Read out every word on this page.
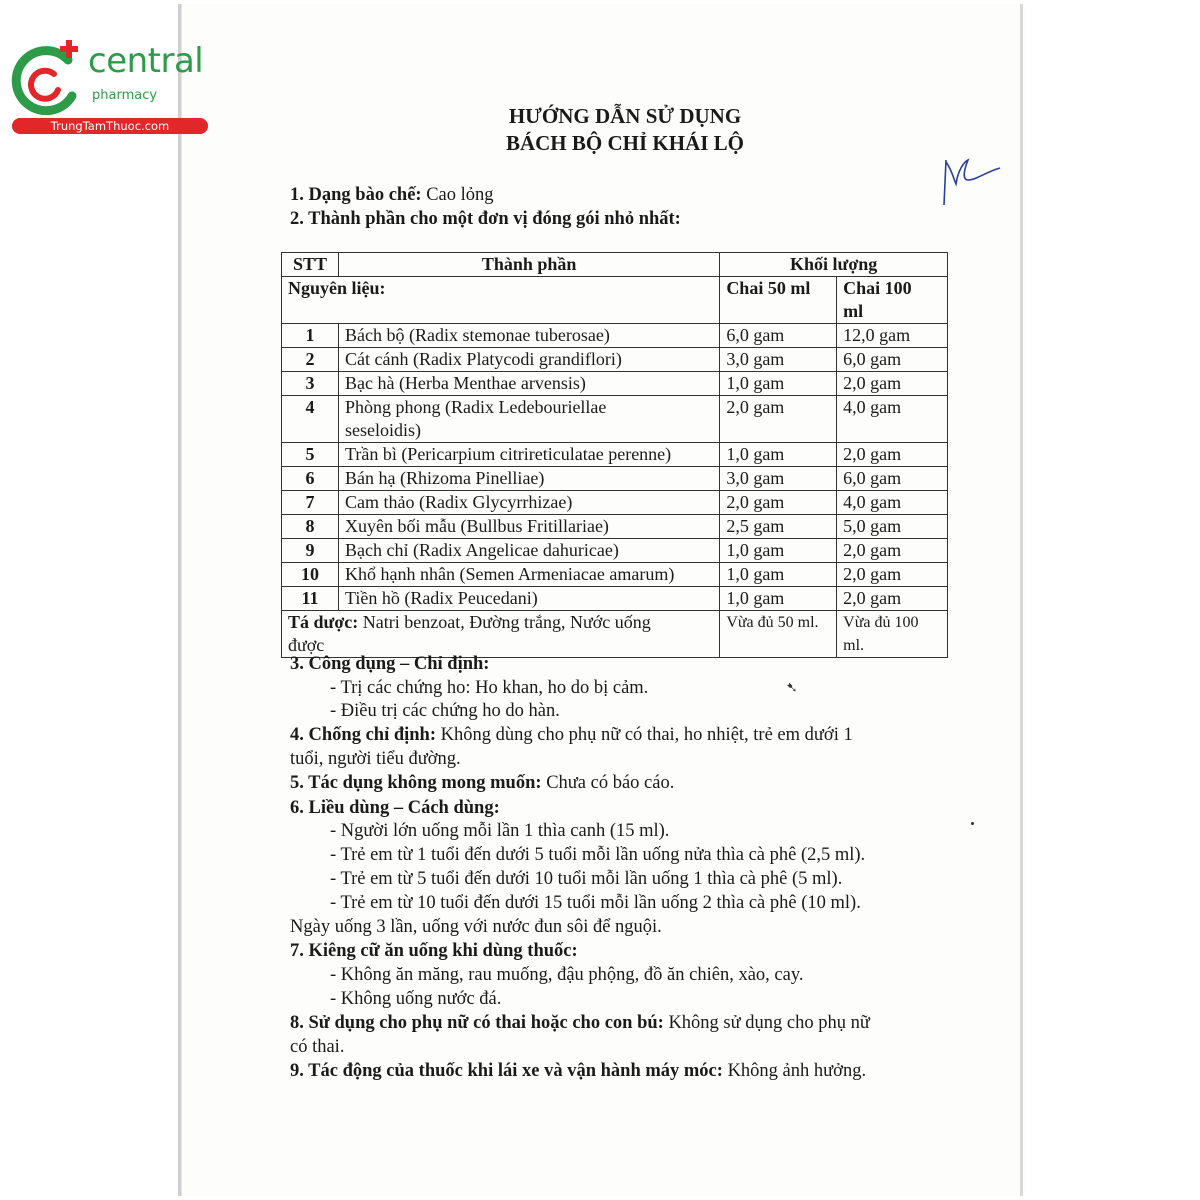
central
pharmacy
TrungTamThuoc.com	HƯỚNG DẪN SỬ DỤNG
BÁCH BỘ CHỈ KHÁI LỘ
1. Dạng bào chế: Cao lỏng
2. Thành phần cho một đơn vị đóng gói nhỏ nhất:
STT	Thành phần	Khối lượng	
Nguyên liệu:		Chai 50 ml	Chai 100
ml
1	Bách bộ (Radix stemonae tuberosae)	6,0 gam	12,0 gam
2	Cát cánh (Radix Platycodi grandiflori)	3,0 gam	6,0 gam
3	Bạc hà (Herba Menthae arvensis)	1,0 gam	2,0 gam
4	Phòng phong (Radix Ledebouriellae
seseloidis)	2,0 gam	4,0 gam
5	Trần bì (Pericarpium citrireticulatae perenne)	1,0 gam	2,0 gam
6	Bán hạ (Rhizoma Pinelliae)	3,0 gam	6,0 gam
7	Cam thảo (Radix Glycyrrhizae)	2,0 gam	4,0 gam
8	Xuyên bối mẫu (Bullbus Fritillariae)	2,5 gam	5,0 gam
9	Bạch chỉ (Radix Angelicae dahuricae)	1,0 gam	2,0 gam
10	Khổ hạnh nhân (Semen Armeniacae amarum)	1,0 gam	2,0 gam
11	Tiền hồ (Radix Peucedani)	1,0 gam	2,0 gam
Tá dược: Natri benzoat, Đường trắng, Nước uống
được		Vừa đủ 50 ml.	Vừa đủ 100
ml.
3. Công dụng – Chỉ định:
- Trị các chứng ho: Ho khan, ho do bị cảm.
- Điều trị các chứng ho do hàn.
➷
4. Chống chỉ định: Không dùng cho phụ nữ có thai, ho nhiệt, trẻ em dưới 1
tuổi, người tiểu đường.
5. Tác dụng không mong muốn: Chưa có báo cáo.
6. Liều dùng – Cách dùng:
- Người lớn uống mỗi lần 1 thìa canh (15 ml).
- Trẻ em từ 1 tuổi đến dưới 5 tuổi mỗi lần uống nửa thìa cà phê (2,5 ml).
- Trẻ em từ 5 tuổi đến dưới 10 tuổi mỗi lần uống 1 thìa cà phê (5 ml).
- Trẻ em từ 10 tuổi đến dưới 15 tuổi mỗi lần uống 2 thìa cà phê (10 ml).
Ngày uống 3 lần, uống với nước đun sôi để nguội.
7. Kiêng cữ ăn uống khi dùng thuốc:
- Không ăn măng, rau muống, đậu phộng, đồ ăn chiên, xào, cay.
- Không uống nước đá.
8. Sử dụng cho phụ nữ có thai hoặc cho con bú: Không sử dụng cho phụ nữ
có thai.
9. Tác động của thuốc khi lái xe và vận hành máy móc: Không ảnh hưởng.
